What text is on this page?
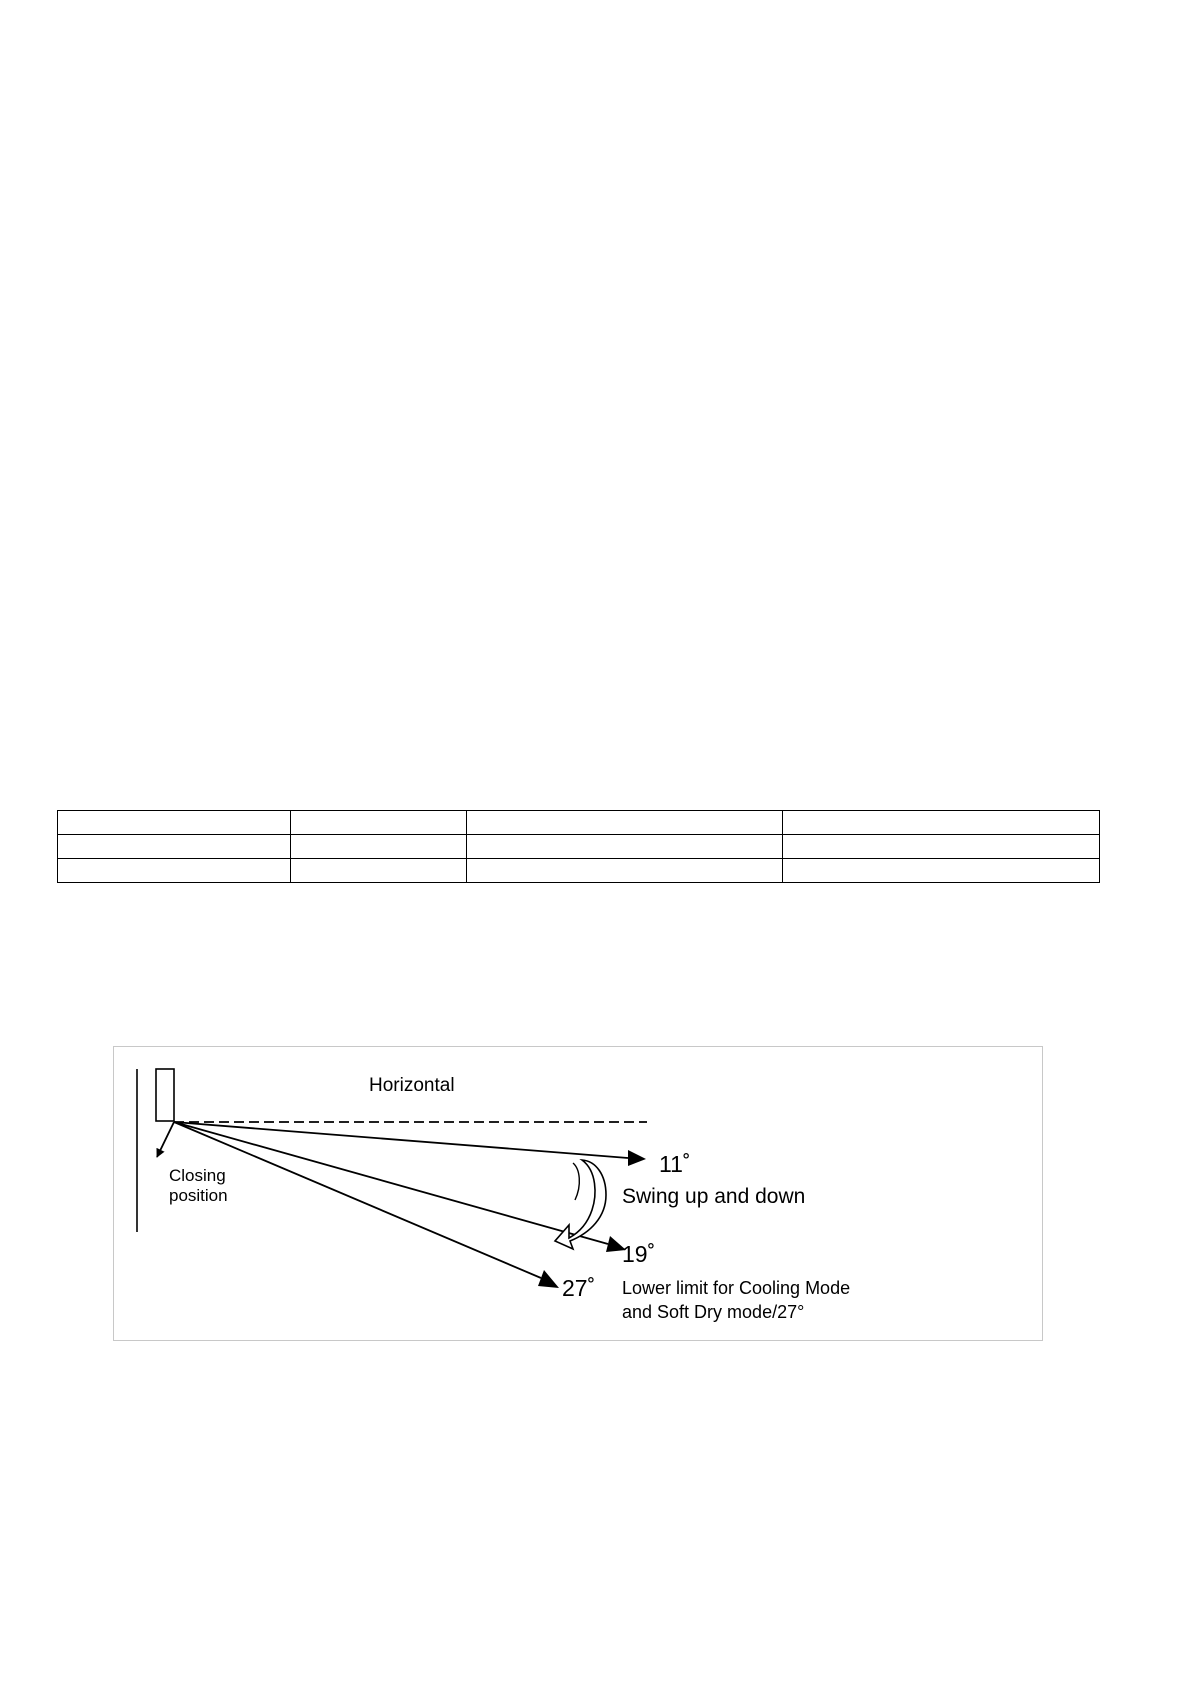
Horizontal
Closing
position
11˚
Swing up and down
19˚
27˚ Lower limit for Cooling Mode
and Soft Dry mode/27°
